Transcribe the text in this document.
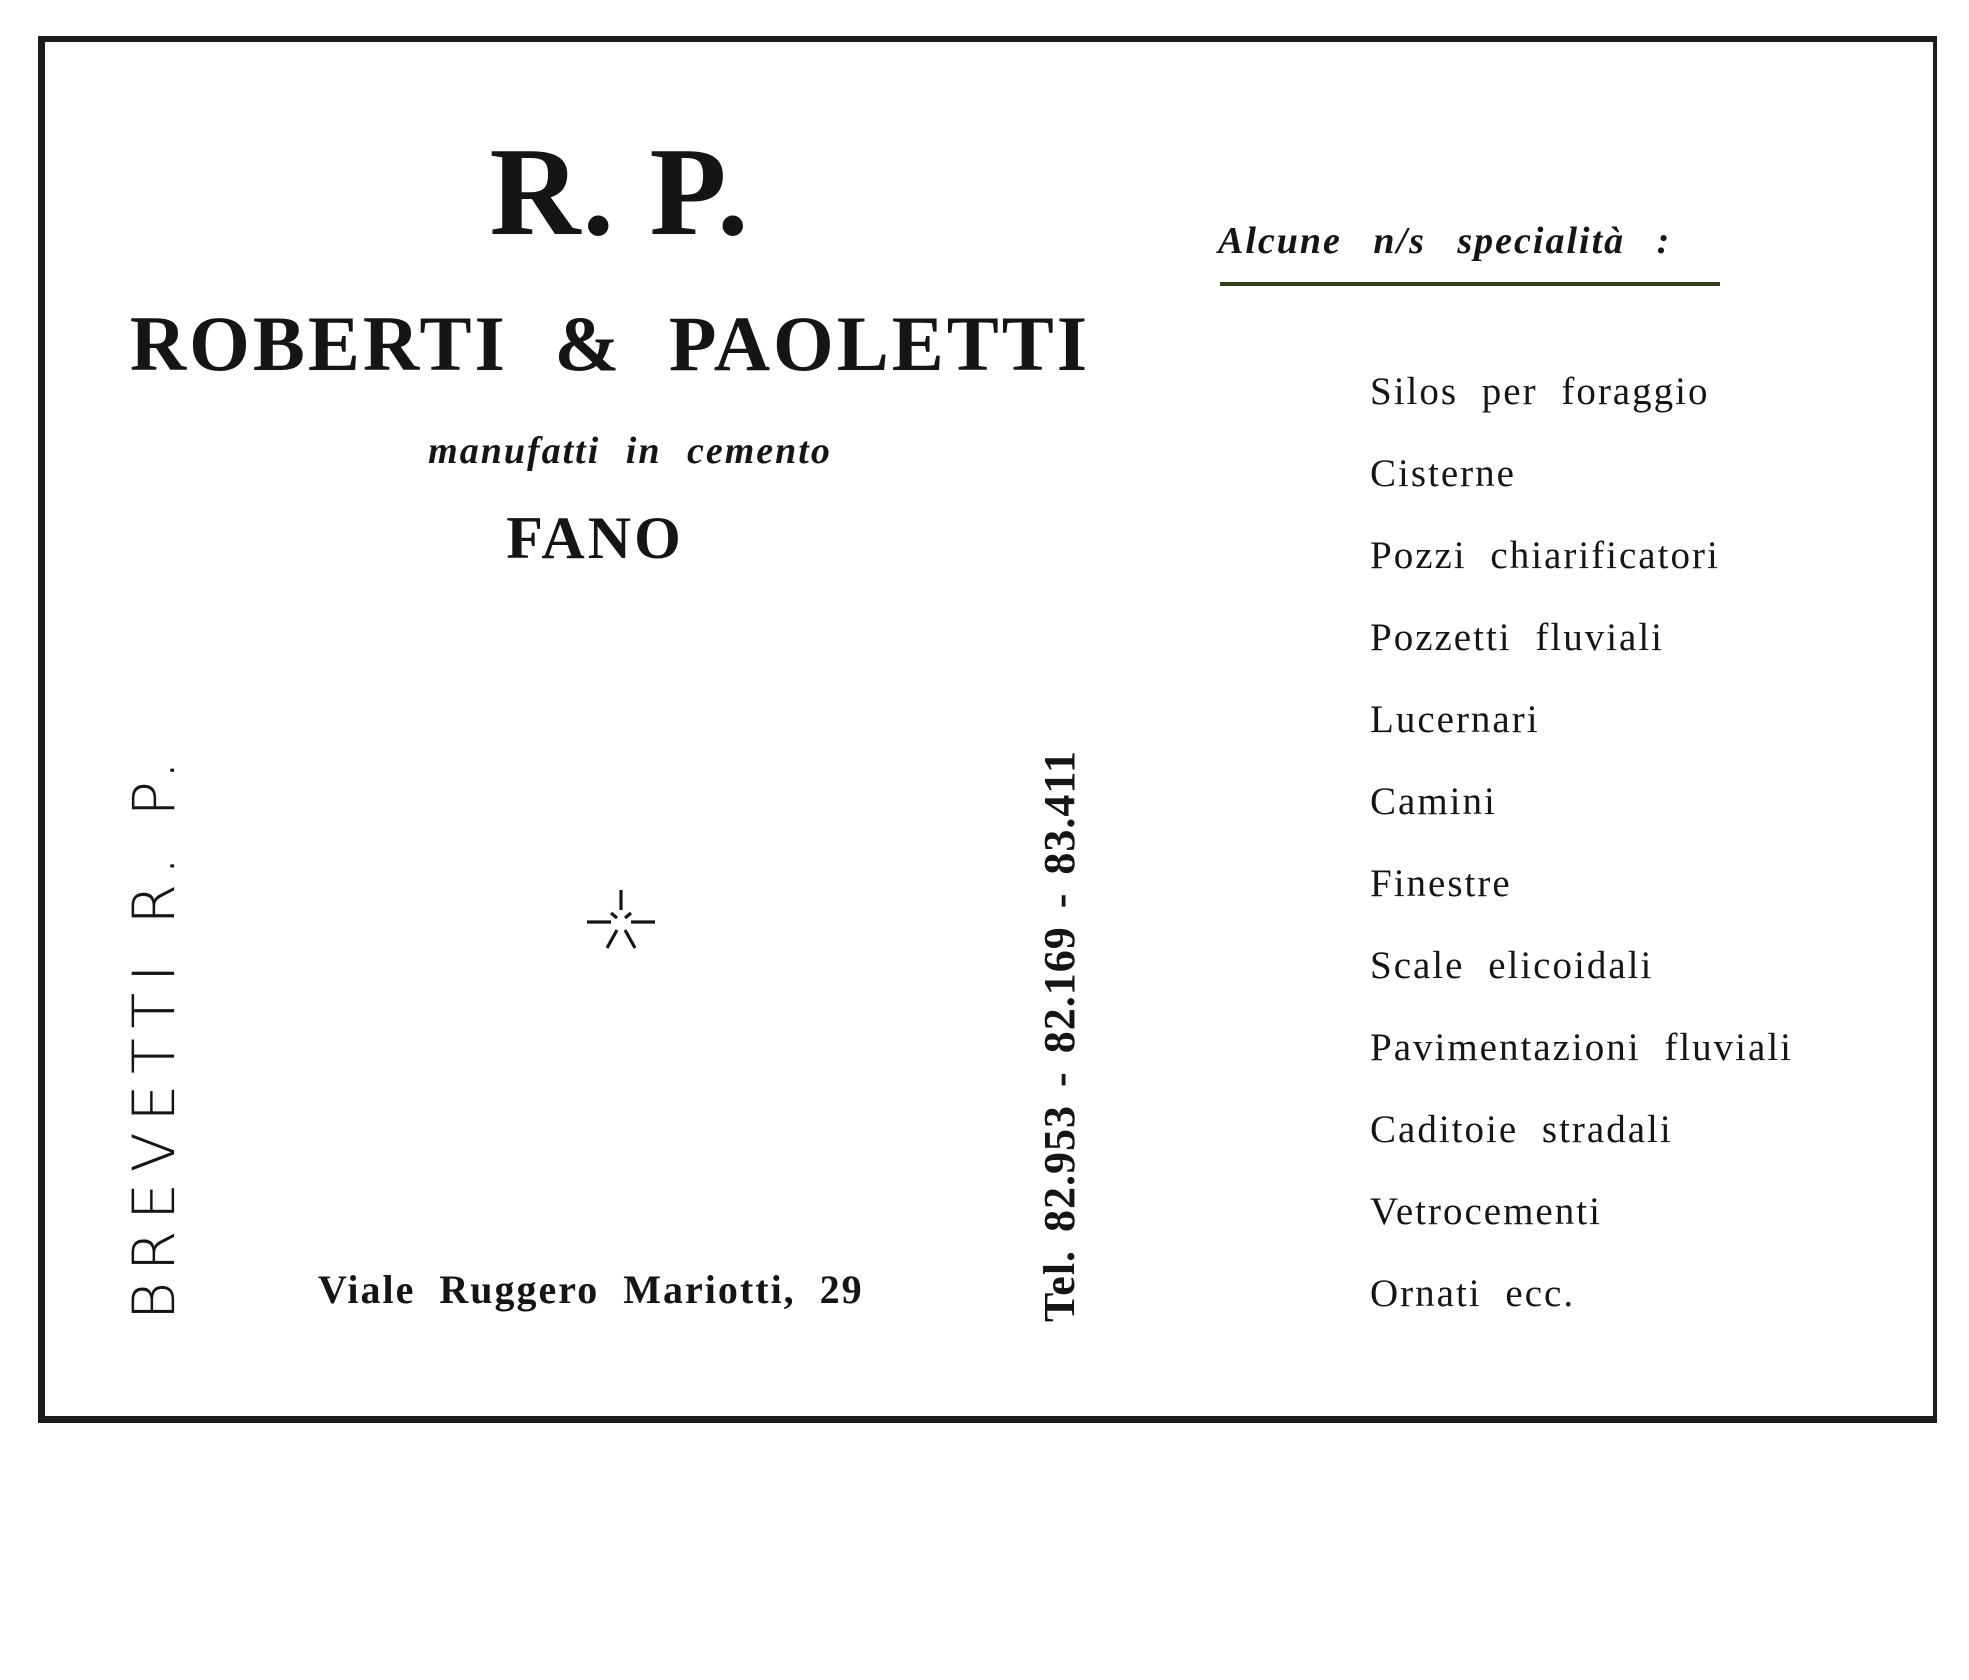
R. P.
ROBERTI & PAOLETTI
manufatti in cemento
FANO
BREVETTI R. P.	Viale Ruggero Mariotti, 29	Tel. 82.953 - 82.169 - 83.411
Alcune n/s specialità :
Silos per foraggio
Cisterne
Pozzi chiarificatori
Pozzetti fluviali
Lucernari
Camini
Finestre
Scale elicoidali
Pavimentazioni fluviali
Caditoie stradali
Vetrocementi
Ornati ecc.
